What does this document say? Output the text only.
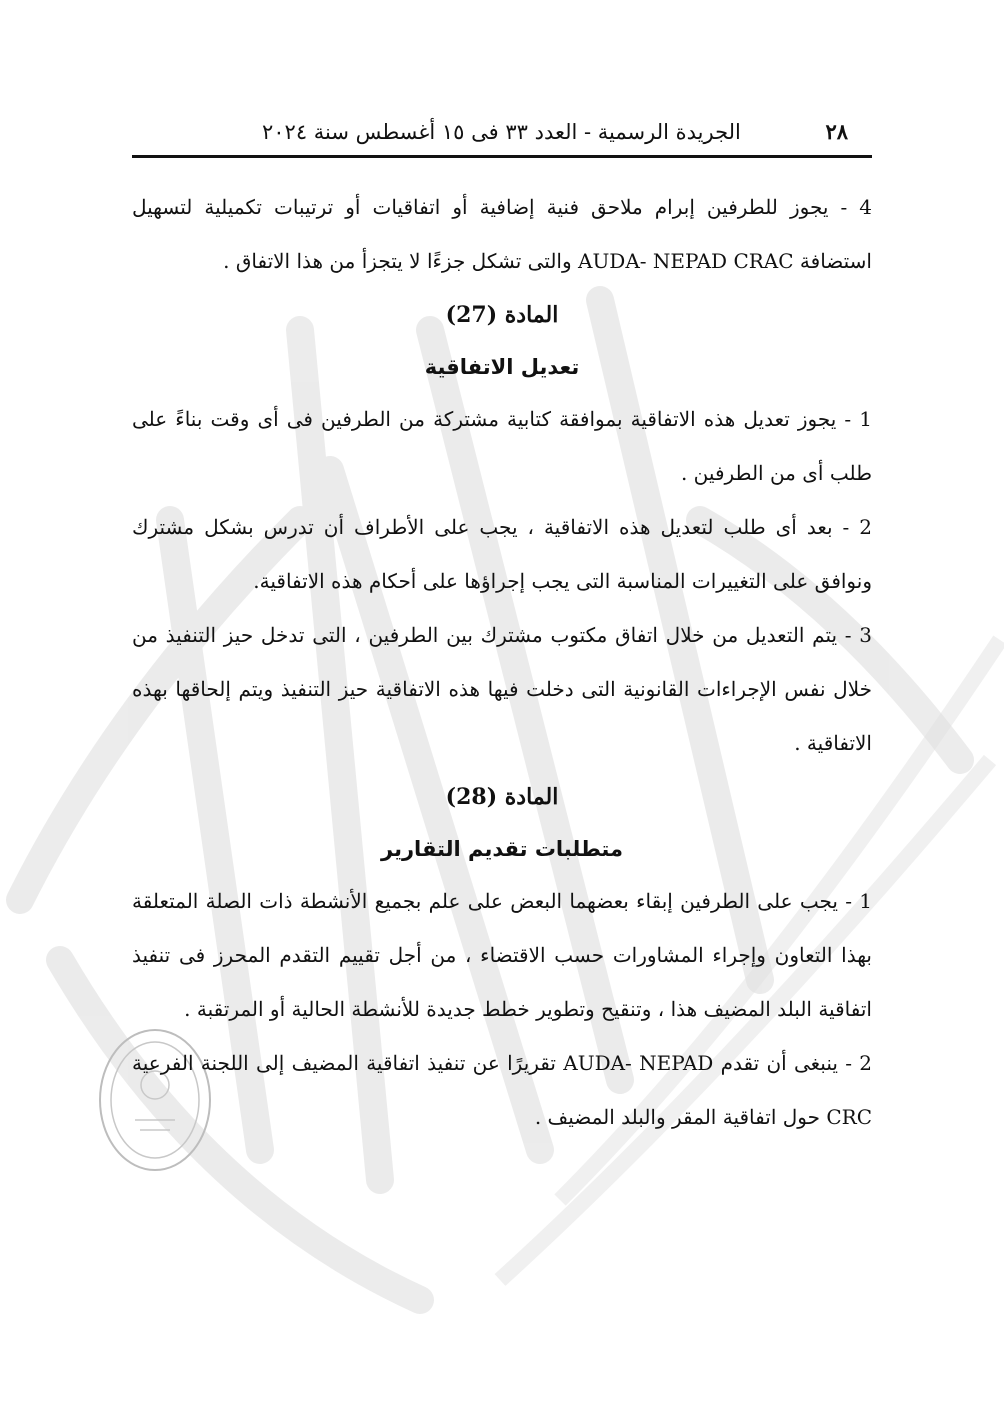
٢٨
الجريدة الرسمية - العدد ٣٣ فى ١٥ أغسطس سنة ٢٠٢٤

4 - يجوز للطرفين إبرام ملاحق فنية إضافية أو اتفاقيات أو ترتيبات تكميلية لتسهيل استضافة AUDA- NEPAD CRAC والتى تشكل جزءًا لا يتجزأ من هذا الاتفاق .

المادة (27)

تعديل الاتفاقية

1 - يجوز تعديل هذه الاتفاقية بموافقة كتابية مشتركة من الطرفين فى أى وقت بناءً على طلب أى من الطرفين .

2 - بعد أى طلب لتعديل هذه الاتفاقية ، يجب على الأطراف أن تدرس بشكل مشترك ونوافق على التغييرات المناسبة التى يجب إجراؤها على أحكام هذه الاتفاقية.

3 - يتم التعديل من خلال اتفاق مكتوب مشترك بين الطرفين ، التى تدخل حيز التنفيذ من خلال نفس الإجراءات القانونية التى دخلت فيها هذه الاتفاقية حيز التنفيذ ويتم إلحاقها بهذه الاتفاقية .

المادة (28)

متطلبات تقديم التقارير

1 - يجب على الطرفين إبقاء بعضهما البعض على علم بجميع الأنشطة ذات الصلة المتعلقة بهذا التعاون وإجراء المشاورات حسب الاقتضاء ، من أجل تقييم التقدم المحرز فى تنفيذ اتفاقية البلد المضيف هذا ، وتنقيح وتطوير خطط جديدة للأنشطة الحالية أو المرتقبة .

2 - ينبغى أن تقدم AUDA- NEPAD تقريرًا عن تنفيذ اتفاقية المضيف إلى اللجنة الفرعية CRC حول اتفاقية المقر والبلد المضيف .
